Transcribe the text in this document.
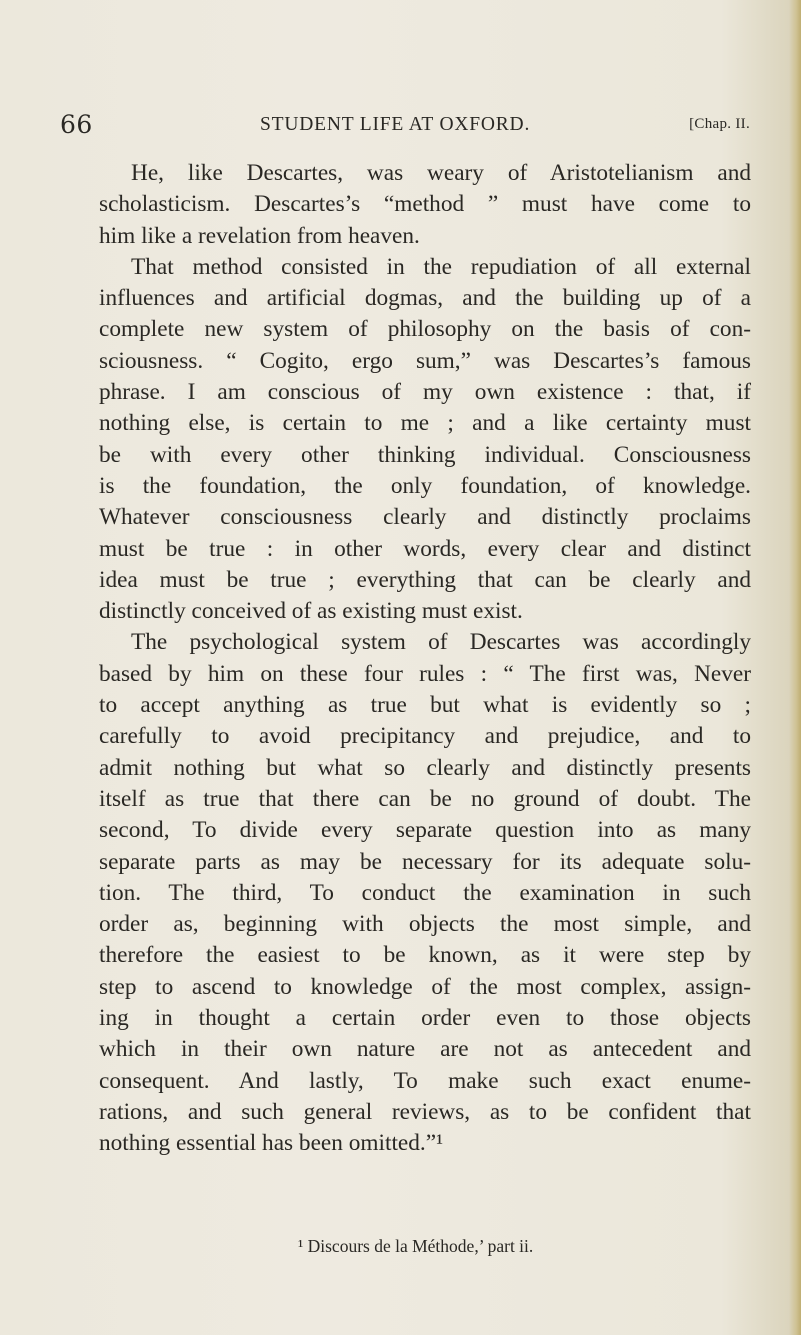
66	STUDENT LIFE AT OXFORD.	[Chap. II.
He, like Descartes, was weary of Aristotelianism and
scholasticism. Descartes’s “method ” must have come to
him like a revelation from heaven.
That method consisted in the repudiation of all external
influences and artificial dogmas, and the building up of a
complete new system of philosophy on the basis of con-
sciousness. “ Cogito, ergo sum,” was Descartes’s famous
phrase. I am conscious of my own existence : that, if
nothing else, is certain to me ; and a like certainty must
be with every other thinking individual. Consciousness
is the foundation, the only foundation, of knowledge.
Whatever consciousness clearly and distinctly proclaims
must be true : in other words, every clear and distinct
idea must be true ; everything that can be clearly and
distinctly conceived of as existing must exist.
The psychological system of Descartes was accordingly
based by him on these four rules : “ The first was, Never
to accept anything as true but what is evidently so ;
carefully to avoid precipitancy and prejudice, and to
admit nothing but what so clearly and distinctly presents
itself as true that there can be no ground of doubt. The
second, To divide every separate question into as many
separate parts as may be necessary for its adequate solu-
tion. The third, To conduct the examination in such
order as, beginning with objects the most simple, and
therefore the easiest to be known, as it were step by
step to ascend to knowledge of the most complex, assign-
ing in thought a certain order even to those objects
which in their own nature are not as antecedent and
consequent. And lastly, To make such exact enume-
rations, and such general reviews, as to be confident that
nothing essential has been omitted.”¹
¹ Discours de la Méthode,’ part ii.
